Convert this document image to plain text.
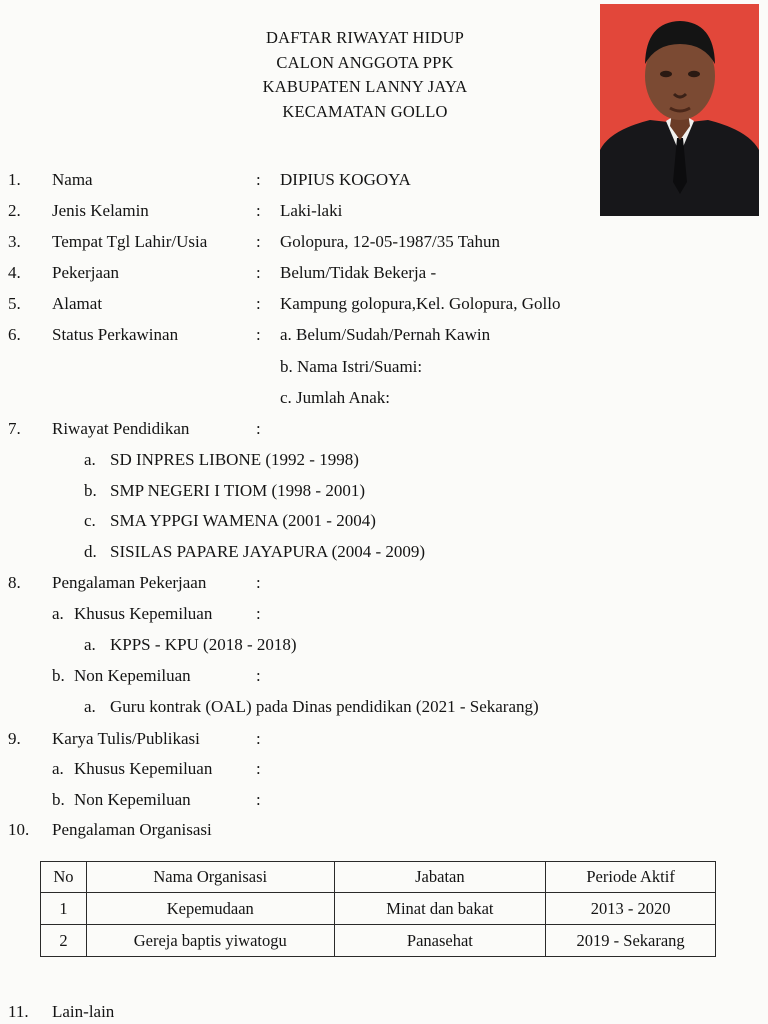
DAFTAR RIWAYAT HIDUP
CALON ANGGOTA PPK
KABUPATEN LANNY JAYA
KECAMATAN GOLLO
1. Nama	: DIPIUS KOGOYA
2. Jenis Kelamin	: Laki-laki
3. Tempat Tgl Lahir/Usia	: Golopura, 12-05-1987/35 Tahun
4. Pekerjaan	: Belum/Tidak Bekerja -
5. Alamat	: Kampung golopura,Kel. Golopura, Gollo
6. Status Perkawinan	: a. Belum/Sudah/Pernah Kawin
b. Nama Istri/Suami:
c. Jumlah Anak:
7. Riwayat Pendidikan	:
a. SD INPRES LIBONE (1992 - 1998)
b. SMP NEGERI I TIOM (1998 - 2001)
c. SMA YPPGI WAMENA (2001 - 2004)
d. SISILAS PAPARE JAYAPURA (2004 - 2009)
8. Pengalaman Pekerjaan	:
a. Khusus Kepemiluan	:
a. KPPS - KPU (2018 - 2018)
b. Non Kepemiluan	:
a. Guru kontrak (OAL) pada Dinas pendidikan (2021 - Sekarang)
9. Karya Tulis/Publikasi	:
a. Khusus Kepemiluan	:
b. Non Kepemiluan	:
10. Pengalaman Organisasi
No	Nama Organisasi	Jabatan	Periode Aktif
1	Kepemudaan	Minat dan bakat	2013 - 2020
2	Gereja baptis yiwatogu	Panasehat	2019 - Sekarang
11. Lain-lain
